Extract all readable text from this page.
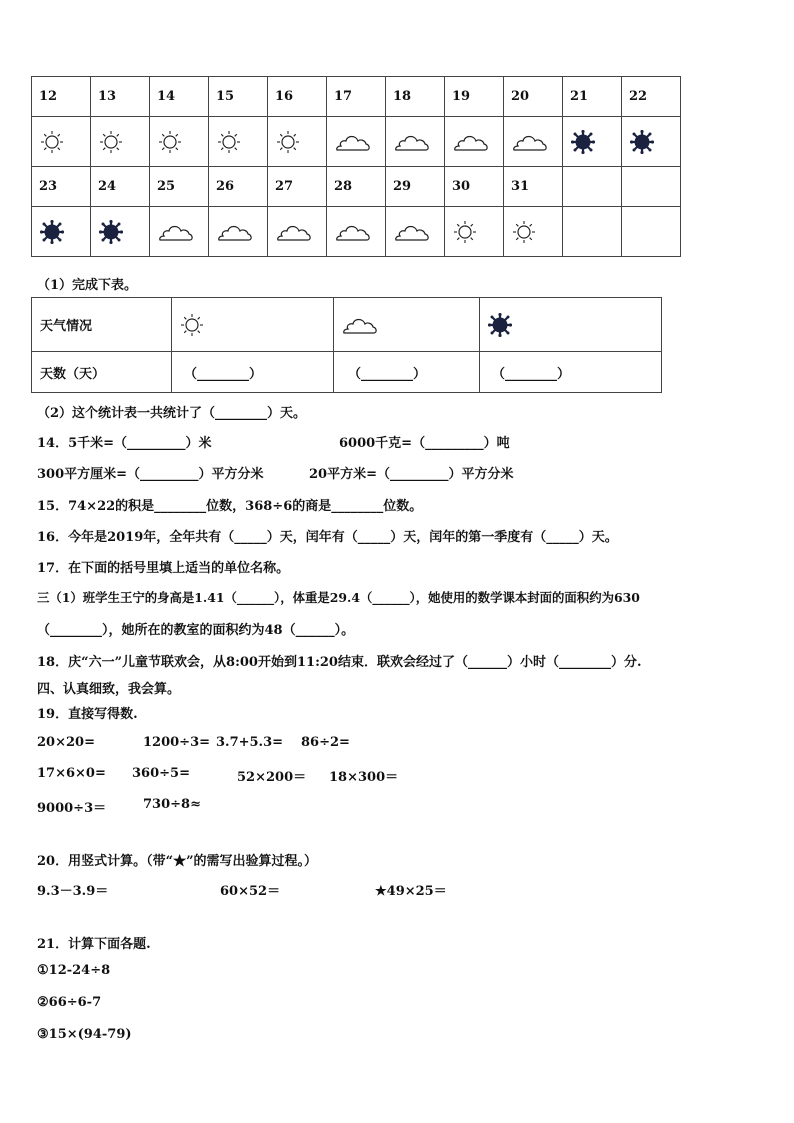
12	13	14	15	16	17	18	19	20	21	22

23	24	25	26	27	28	29	30	31		

（1）完成下表。
天气情况	

天数（天）	（________）	（________）	（________）
（2）这个统计表一共统计了（________）天。
14．5千米=（_________）米	6000千克=（_________）吨
300平方厘米=（_________）平方分米	20平方米=（_________）平方分米
15．74×22的积是________位数，368÷6的商是________位数。
16．今年是2019年，全年共有（_____）天，闰年有（_____）天，闰年的第一季度有（_____）天。
17．在下面的括号里填上适当的单位名称。
三（1）班学生王宁的身高是1.41（______），体重是29.4（______），她使用的数学课本封面的面积约为630
（________），她所在的教室的面积约为48（______）。
18．庆“六一”儿童节联欢会，从8:00开始到11:20结束．联欢会经过了（______）小时（________）分.
四、认真细致，我会算。
19．直接写得数.
20×20=	1200÷3= 3.7+5.3= 86÷2=
17×6×0= 360÷5=	52×200＝ 18×300＝
9000÷3＝	730÷8≈
20．用竖式计算。（带“★”的需写出验算过程。）
9.3－3.9＝	60×52＝	★49×25＝
21．计算下面各题.
①12-24÷8
②66÷6-7
③15×(94-79)
